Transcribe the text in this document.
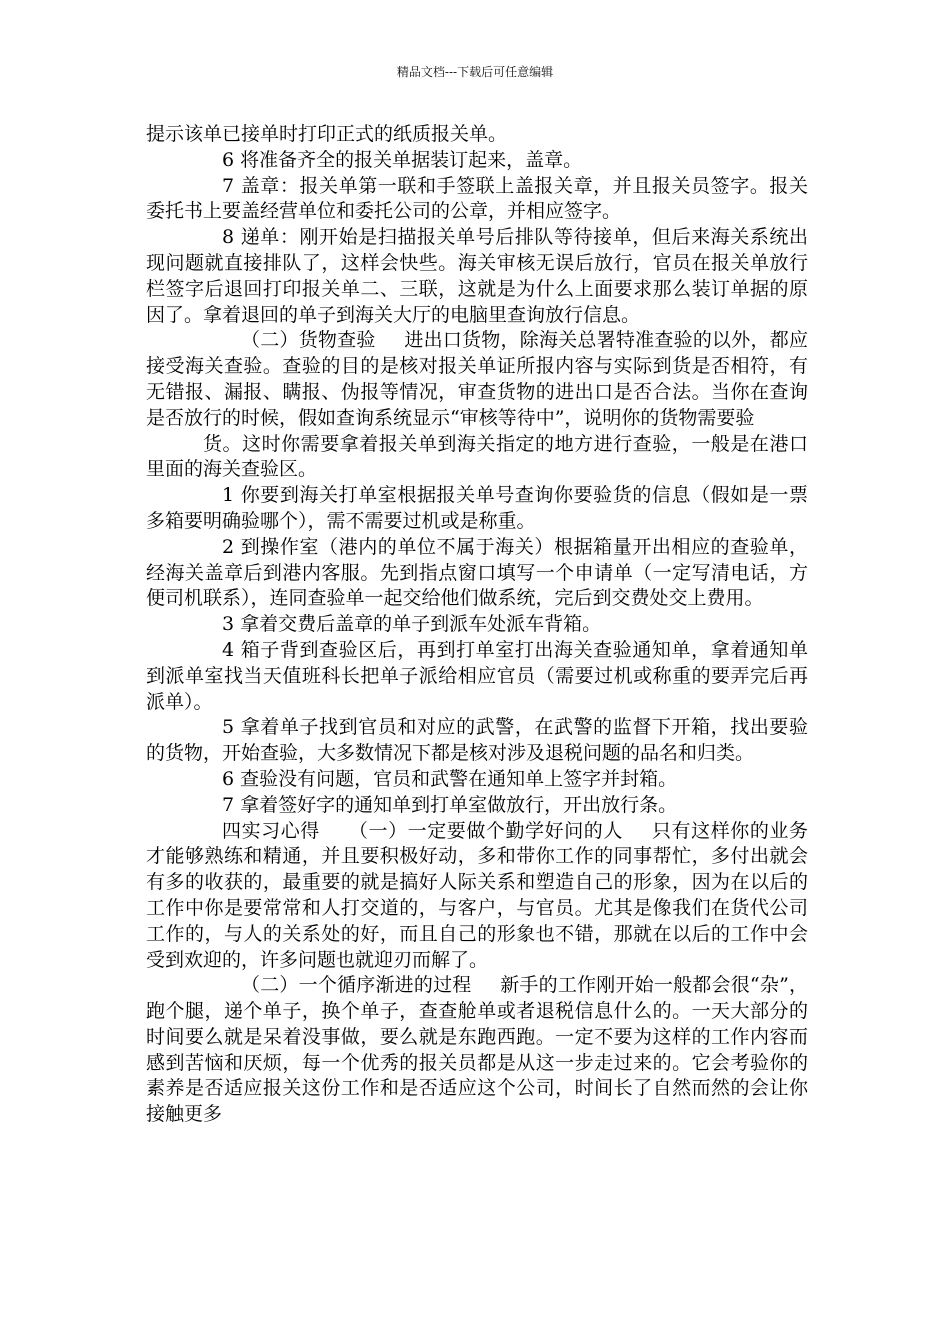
精品文档---下载后可任意编辑

提示该单已接单时打印正式的纸质报关单。

6 将准备齐全的报关单据装订起来，盖章。

7 盖章：报关单第一联和手签联上盖报关章，并且报关员签字。报关委托书上要盖经营单位和委托公司的公章，并相应签字。

8 递单：刚开始是扫描报关单号后排队等待接单，但后来海关系统出现问题就直接排队了，这样会快些。海关审核无误后放行，官员在报关单放行栏签字后退回打印报关单二、三联，这就是为什么上面要求那么装订单据的原因了。拿着退回的单子到海关大厅的电脑里查询放行信息。

（二）货物查验 进出口货物，除海关总署特准查验的以外，都应接受海关查验。查验的目的是核对报关单证所报内容与实际到货是否相符，有无错报、漏报、瞒报、伪报等情况，审查货物的进出口是否合法。当你在查询是否放行的时候，假如查询系统显示“审核等待中”，说明你的货物需要验

货。这时你需要拿着报关单到海关指定的地方进行查验，一般是在港口里面的海关查验区。

1 你要到海关打单室根据报关单号查询你要验货的信息（假如是一票多箱要明确验哪个），需不需要过机或是称重。

2 到操作室（港内的单位不属于海关）根据箱量开出相应的查验单，经海关盖章后到港内客服。先到指点窗口填写一个申请单（一定写清电话，方便司机联系），连同查验单一起交给他们做系统，完后到交费处交上费用。

3 拿着交费后盖章的单子到派车处派车背箱。

4 箱子背到查验区后，再到打单室打出海关查验通知单，拿着通知单到派单室找当天值班科长把单子派给相应官员（需要过机或称重的要弄完后再派单）。

5 拿着单子找到官员和对应的武警，在武警的监督下开箱，找出要验的货物，开始查验，大多数情况下都是核对涉及退税问题的品名和归类。

6 查验没有问题，官员和武警在通知单上签字并封箱。

7 拿着签好字的通知单到打单室做放行，开出放行条。

四实习心得 （一）一定要做个勤学好问的人 只有这样你的业务才能够熟练和精通，并且要积极好动，多和带你工作的同事帮忙，多付出就会有多的收获的，最重要的就是搞好人际关系和塑造自己的形象，因为在以后的工作中你是要常常和人打交道的，与客户，与官员。尤其是像我们在货代公司工作的，与人的关系处的好，而且自己的形象也不错，那就在以后的工作中会受到欢迎的，许多问题也就迎刃而解了。

（二）一个循序渐进的过程 新手的工作刚开始一般都会很“杂”，跑个腿，递个单子，换个单子，查查舱单或者退税信息什么的。一天大部分的时间要么就是呆着没事做，要么就是东跑西跑。一定不要为这样的工作内容而感到苦恼和厌烦，每一个优秀的报关员都是从这一步走过来的。它会考验你的素养是否适应报关这份工作和是否适应这个公司，时间长了自然而然的会让你接触更多
